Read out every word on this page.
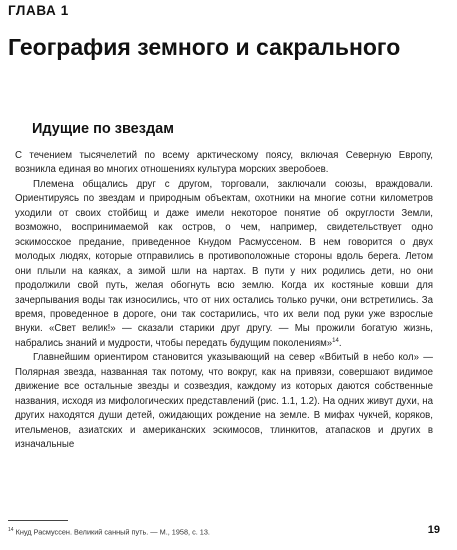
ГЛАВА 1
География земного и сакрального
Идущие по звездам

С течением тысячелетий по всему арктическому поясу, включая Северную Европу, возникла единая во многих отношениях культура морских зверобоев.

Племена общались друг с другом, торговали, заключали союзы, враждовали. Ориентируясь по звездам и природным объектам, охотники на многие сотни километров уходили от своих стойбищ и даже имели некоторое понятие об округлости Земли, возможно, воспринимаемой как остров, о чем, например, свидетельствует одно эскимосское предание, приведенное Кнудом Расмуссеном. В нем говорится о двух молодых людях, которые отправились в противоположные стороны вдоль берега. Летом они плыли на каяках, а зимой шли на нартах. В пути у них родились дети, но они продолжили свой путь, желая обогнуть всю землю. Когда их костяные ковши для зачерпывания воды так износились, что от них остались только ручки, они встретились. За время, проведенное в дороге, они так состарились, что их вели под руки уже взрослые внуки. «Свет велик!» — сказали старики друг другу. — Мы прожили богатую жизнь, набрались знаний и мудрости, чтобы передать будущим поколениям»$^{14}$.

Главнейшим ориентиром становится указывающий на север «Вбитый в небо кол» — Полярная звезда, названная так потому, что вокруг, как на привязи, совершают видимое движение все остальные звезды и созвездия, каждому из которых даются собственные названия, исходя из мифологических представлений (рис. 1.1, 1.2). На одних живут духи, на других находятся души детей, ожидающих рождение на земле. В мифах чукчей, коряков, ительменов, азиатских и американских эскимосов, тлинкитов, атапасков и других в изначальные

$^{14}$ Кнуд Расмуссен. Великий санный путь. — М., 1958, с. 13.	19
